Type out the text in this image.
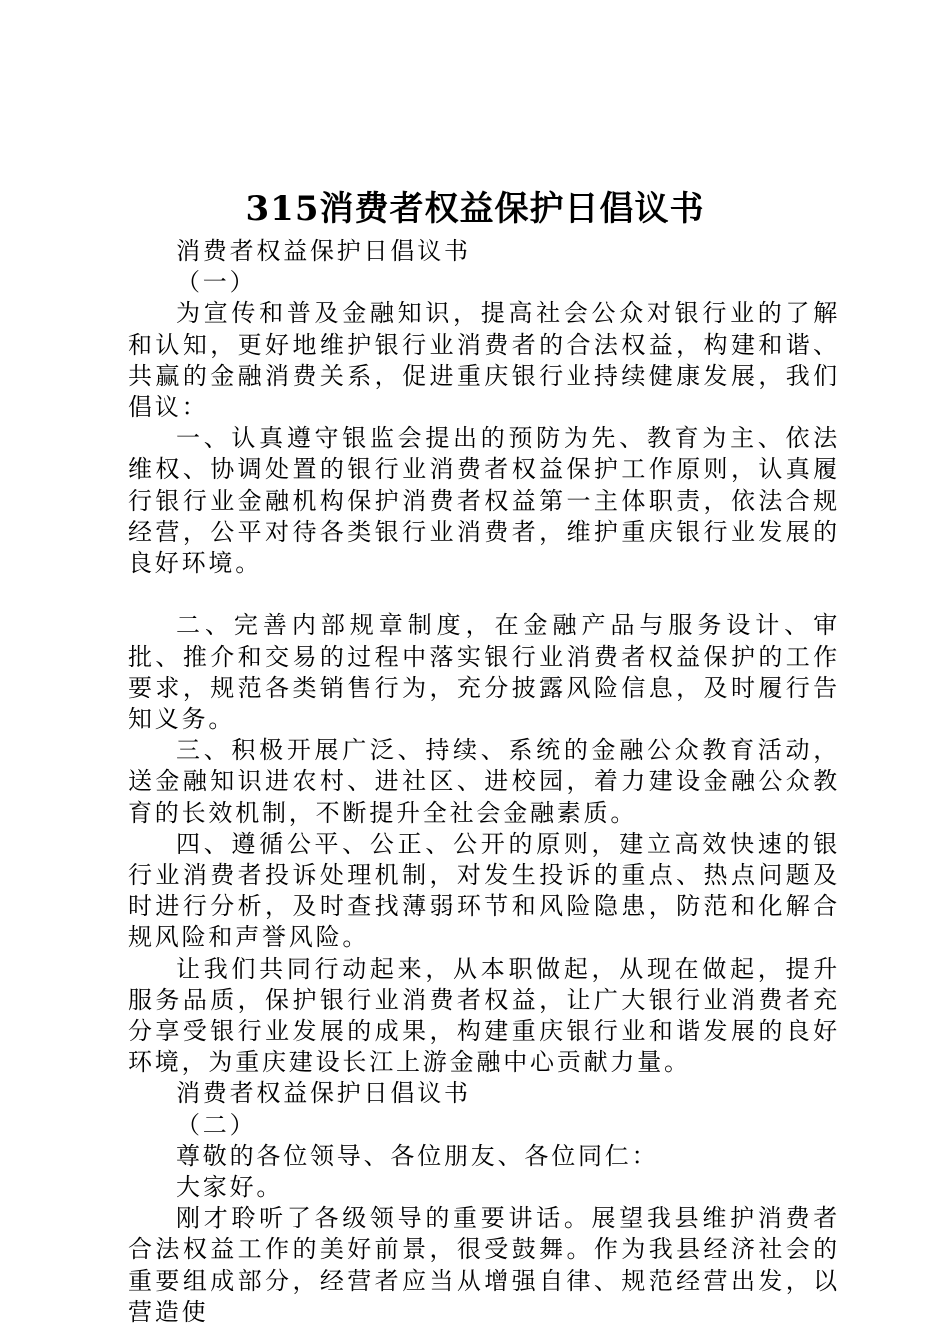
315消费者权益保护日倡议书

消费者权益保护日倡议书

（一）

为宣传和普及金融知识，提高社会公众对银行业的了解和认知，更好地维护银行业消费者的合法权益，构建和谐、共赢的金融消费关系，促进重庆银行业持续健康发展，我们倡议：

一、认真遵守银监会提出的预防为先、教育为主、依法维权、协调处置的银行业消费者权益保护工作原则，认真履行银行业金融机构保护消费者权益第一主体职责，依法合规经营，公平对待各类银行业消费者，维护重庆银行业发展的良好环境。

二、完善内部规章制度，在金融产品与服务设计、审批、推介和交易的过程中落实银行业消费者权益保护的工作要求，规范各类销售行为，充分披露风险信息，及时履行告知义务。

三、积极开展广泛、持续、系统的金融公众教育活动，送金融知识进农村、进社区、进校园，着力建设金融公众教育的长效机制，不断提升全社会金融素质。

四、遵循公平、公正、公开的原则，建立高效快速的银行业消费者投诉处理机制，对发生投诉的重点、热点问题及时进行分析，及时查找薄弱环节和风险隐患，防范和化解合规风险和声誉风险。

让我们共同行动起来，从本职做起，从现在做起，提升服务品质，保护银行业消费者权益，让广大银行业消费者充分享受银行业发展的成果，构建重庆银行业和谐发展的良好环境，为重庆建设长江上游金融中心贡献力量。

消费者权益保护日倡议书

（二）

尊敬的各位领导、各位朋友、各位同仁：

大家好。

刚才聆听了各级领导的重要讲话。展望我县维护消费者合法权益工作的美好前景，很受鼓舞。作为我县经济社会的重要组成部分，经营者应当从增强自律、规范经营出发，以营造使
